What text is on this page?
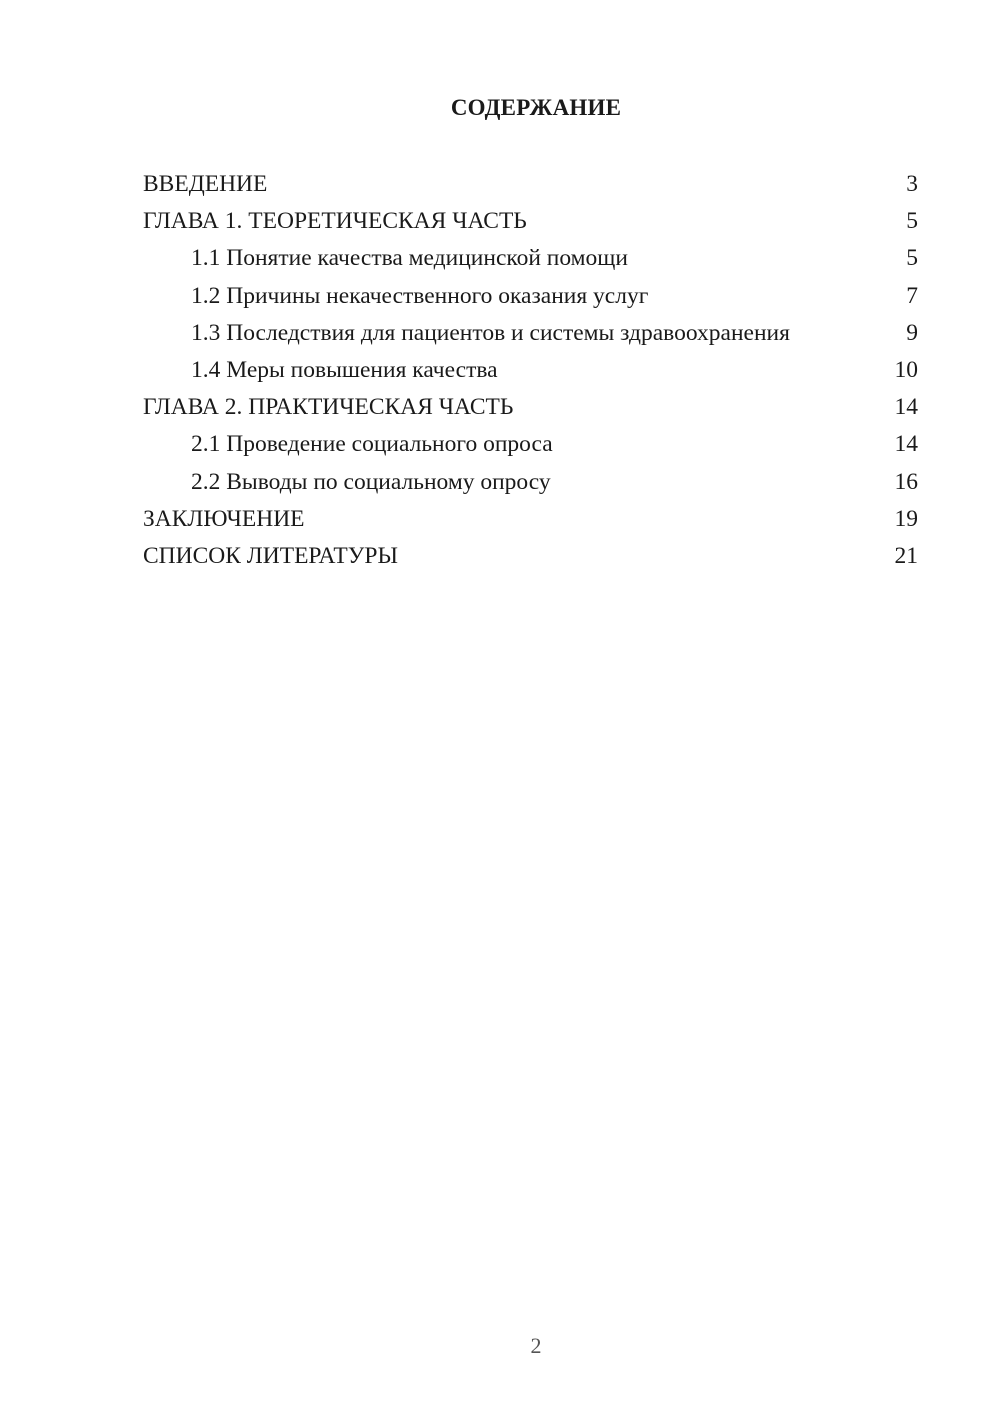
СОДЕРЖАНИЕ
ВВЕДЕНИЕ	3
ГЛАВА 1. ТЕОРЕТИЧЕСКАЯ ЧАСТЬ	5
1.1 Понятие качества медицинской помощи	5
1.2 Причины некачественного оказания услуг	7
1.3 Последствия для пациентов и системы здравоохранения	9
1.4 Меры повышения качества	10
ГЛАВА 2. ПРАКТИЧЕСКАЯ ЧАСТЬ	14
2.1 Проведение социального опроса	14
2.2 Выводы по социальному опросу	16
ЗАКЛЮЧЕНИЕ	19
СПИСОК ЛИТЕРАТУРЫ	21
2
